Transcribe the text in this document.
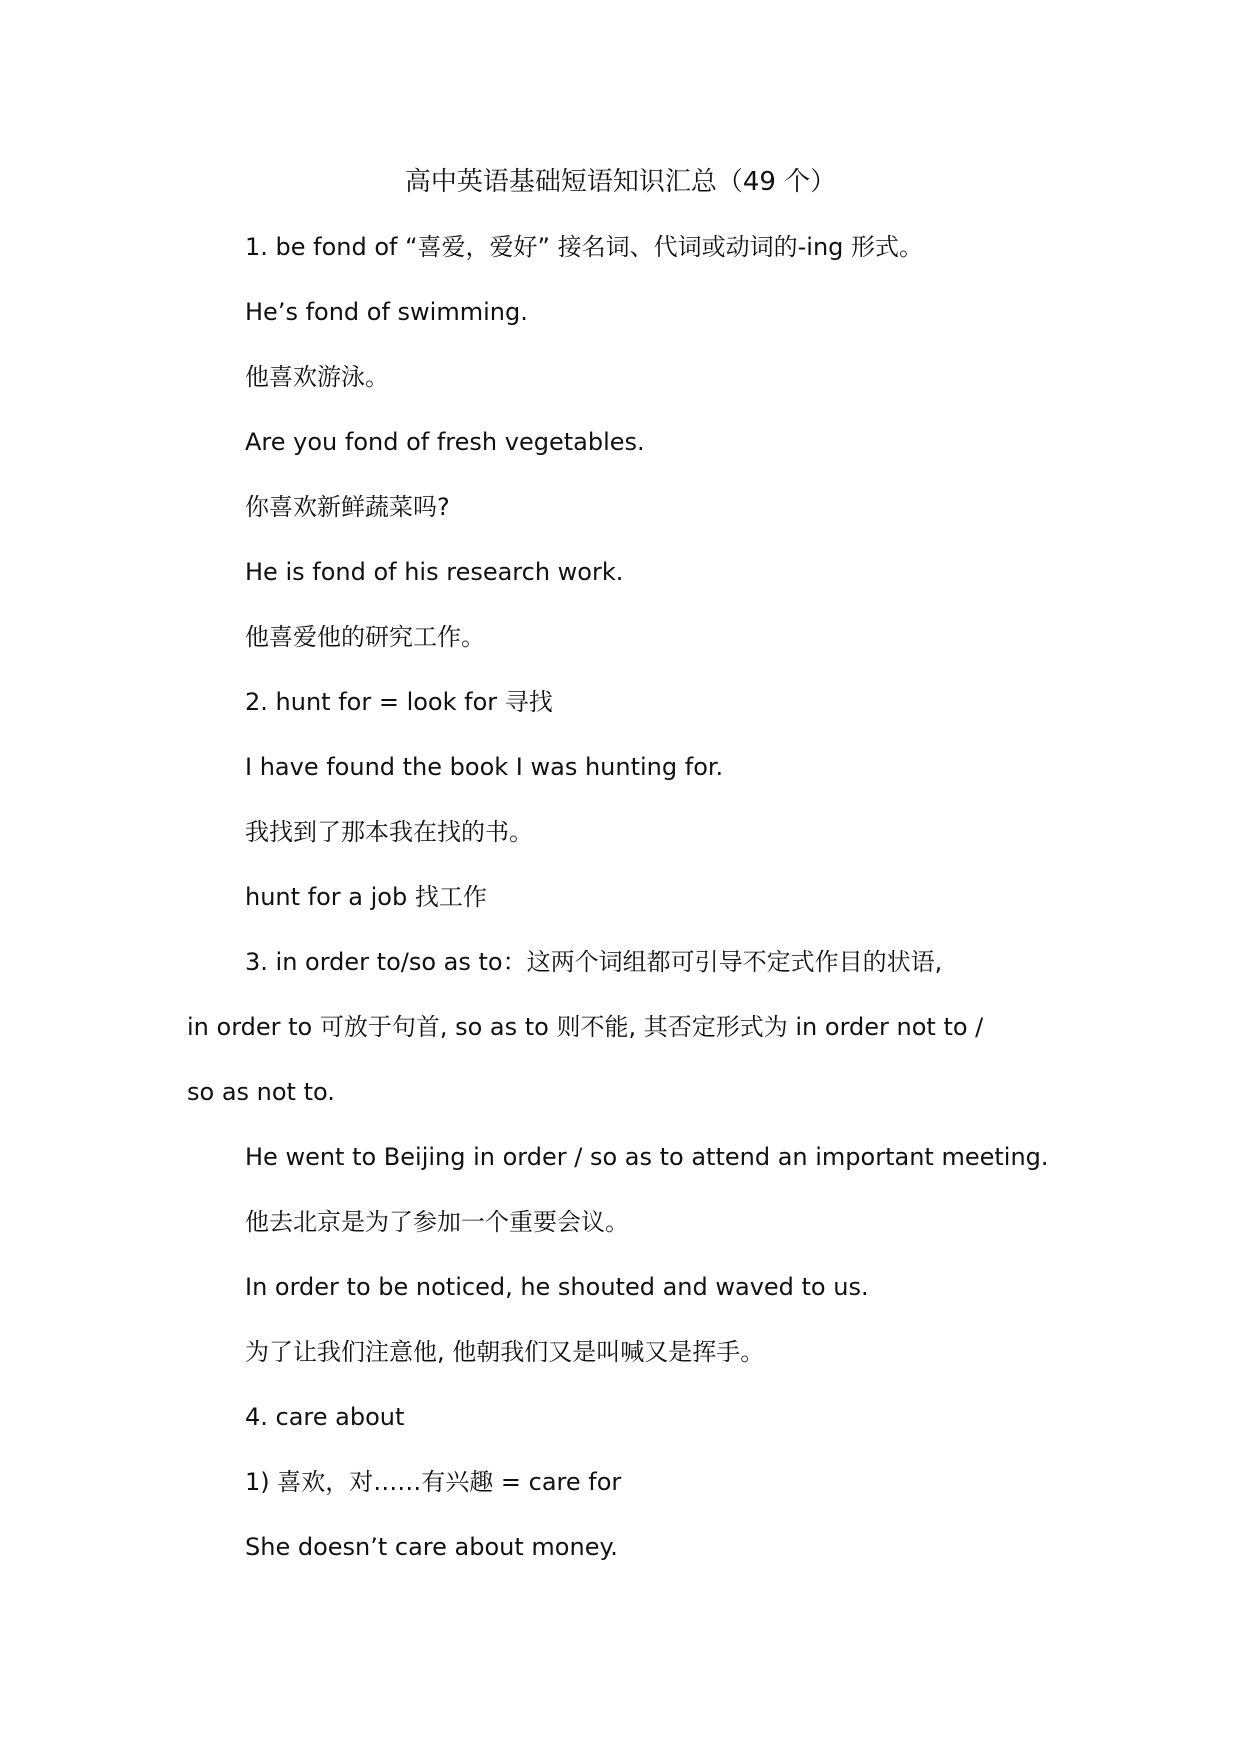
高中英语基础短语知识汇总（49 个）
1. be fond of “喜爱，爱好” 接名词、代词或动词的-ing 形式。
He’s fond of swimming.
他喜欢游泳。
Are you fond of fresh vegetables.
你喜欢新鲜蔬菜吗?
He is fond of his research work.
他喜爱他的研究工作。
2. hunt for = look for 寻找
I have found the book I was hunting for.
我找到了那本我在找的书。
hunt for a job 找工作
3. in order to/so as to：这两个词组都可引导不定式作目的状语,
in order to 可放于句首, so as to 则不能, 其否定形式为 in order not to /
so as not to.
He went to Beijing in order / so as to attend an important meeting.
他去北京是为了参加一个重要会议。
In order to be noticed, he shouted and waved to us.
为了让我们注意他, 他朝我们又是叫喊又是挥手。
4. care about
1) 喜欢，对……有兴趣 = care for
She doesn’t care about money.
